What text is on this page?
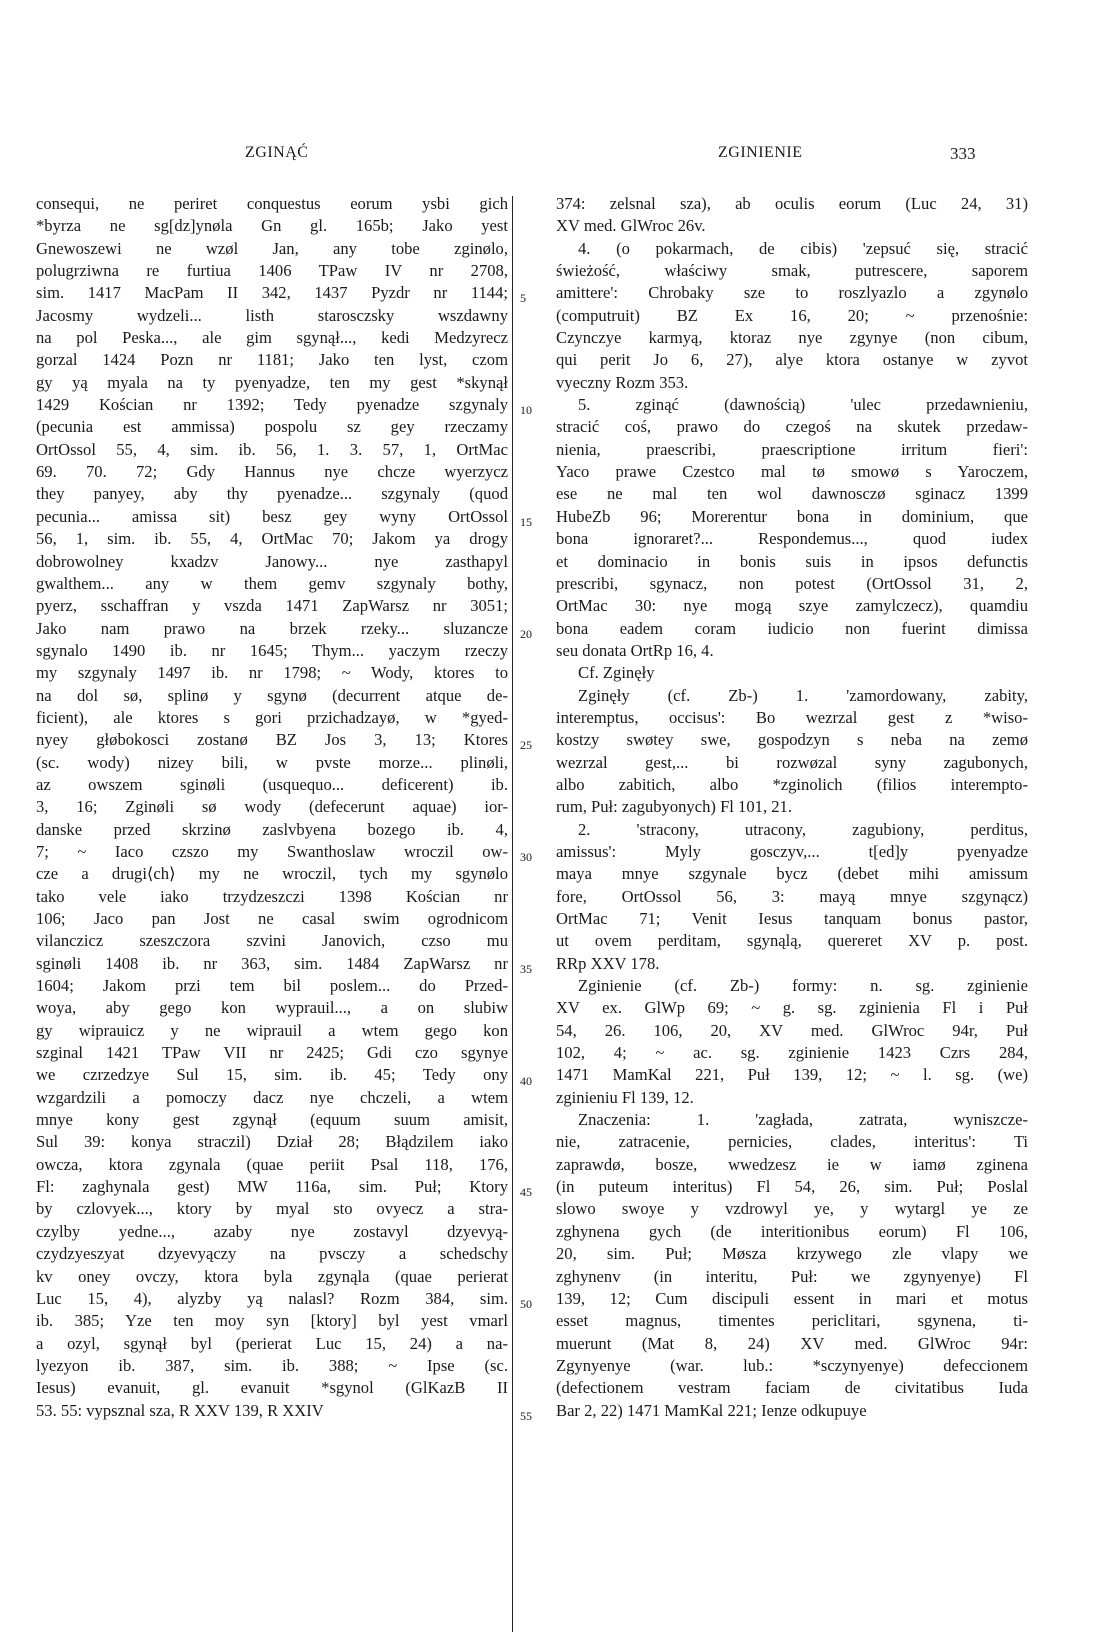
ZGINĄĆ	ZGINIENIE	333
consequi, ne periret conquestus eorum ysbi gich
*byrza ne sg[dz]ynøla Gn gl. 165b; Jako yest
Gnewoszewi ne wzøl Jan, any tobe zginølo,
polugrziwna re furtiua 1406 TPaw IV nr 2708,
sim. 1417 MacPam II 342, 1437 Pyzdr nr 1144;
Jacosmy wydzeli... listh starosczsky wszdawny
na pol Peska..., ale gim sgynął..., kedi Medzyrecz
gorzal 1424 Pozn nr 1181; Jako ten lyst, czom
gy yą myala na ty pyenyadze, ten my gest *skynął
1429 Kościan nr 1392; Tedy pyenadze szgynaly
(pecunia est ammissa) pospolu sz gey rzeczamy
OrtOssol 55, 4, sim. ib. 56, 1. 3. 57, 1, OrtMac
69. 70. 72; Gdy Hannus nye chcze wyerzycz
they panyey, aby thy pyenadze... szgynaly (quod
pecunia... amissa sit) besz gey wyny OrtOssol
56, 1, sim. ib. 55, 4, OrtMac 70; Jakom ya drogy
dobrowolney kxadzv Janowy... nye zasthapyl
gwalthem... any w them gemv szgynaly bothy,
pyerz, sschaffran y vszda 1471 ZapWarsz nr 3051;
Jako nam prawo na brzek rzeky... sluzancze
sgynalo 1490 ib. nr 1645; Thym... yaczym rzeczy
my szgynaly 1497 ib. nr 1798; ~ Wody, ktores to
na dol sø, splinø y sgynø (decurrent atque de-
ficient), ale ktores s gori przichadzayø, w *gyed-
nyey głøbokosci zostanø BZ Jos 3, 13; Ktores
(sc. wody) nizey bili, w pvste morze... plinøli,
az owszem sginøli (usquequo... deficerent) ib.
3, 16; Zginøli sø wody (defecerunt aquae) ior-
danske przed skrzinø zaslvbyena bozego ib. 4,
7; ~ Iaco czszo my Swanthoslaw wroczil ow-
cze a drugi⟨ch⟩ my ne wroczil, tych my sgynølo
tako vele iako trzydzeszczi 1398 Kościan nr
106; Jaco pan Jost ne casal swim ogrodnicom
vilanczicz szeszczora szvini Janovich, czso mu
sginøli 1408 ib. nr 363, sim. 1484 ZapWarsz nr
1604; Jakom przi tem bil poslem... do Przed-
woya, aby gego kon wyprauil..., a on slubiw
gy wiprauicz y ne wiprauil a wtem gego kon
szginal 1421 TPaw VII nr 2425; Gdi czo sgynye
we czrzedzye Sul 15, sim. ib. 45; Tedy ony
wzgardzili a pomoczy dacz nye chczeli, a wtem
mnye kony gest zgynął (equum suum amisit,
Sul 39: konya straczil) Dział 28; Błądzilem iako
owcza, ktora zgynala (quae periit Psal 118, 176,
Fl: zaghynala gest) MW 116a, sim. Puł; Ktory
by czlovyek..., ktory by myal sto ovyecz a stra-
czylby yedne..., azaby nye zostavyl dzyevyą-
czydzyeszyat dzyevyączy na pvsczy a schedschy
kv oney ovczy, ktora byla zgynąla (quae perierat
Luc 15, 4), alyzby yą nalasl? Rozm 384, sim.
ib. 385; Yze ten moy syn [ktory] byl yest vmarl
a ozyl, sgynął byl (perierat Luc 15, 24) a na-
lyezyon ib. 387, sim. ib. 388; ~ Ipse (sc.
Iesus) evanuit, gl. evanuit *sgynol (GlKazB II
53. 55: vypsznal sza, R XXV 139, R XXIV
5
10
15
20
25
30
35
40
45
50
55
374: zelsnal sza), ab oculis eorum (Luc 24, 31)
XV med. GlWroc 26v.
4. (o pokarmach, de cibis) 'zepsuć się, stracić
świeżość, właściwy smak, putrescere, saporem
amittere': Chrobaky sze to roszlyazlo a zgynølo
(computruit) BZ Ex 16, 20; ~ przenośnie:
Czynczye karmyą, ktoraz nye zgynye (non cibum,
qui perit Jo 6, 27), alye ktora ostanye w zyvot
vyeczny Rozm 353.
5. zginąć (dawnością) 'ulec przedawnieniu,
stracić coś, prawo do czegoś na skutek przedaw-
nienia, praescribi, praescriptione irritum fieri':
Yaco prawe Czestco mal tø smowø s Yaroczem,
ese ne mal ten wol dawnosczø sginacz 1399
HubeZb 96; Morerentur bona in dominium, que
bona ignoraret?... Respondemus..., quod iudex
et dominacio in bonis suis in ipsos defunctis
prescribi, sgynacz, non potest (OrtOssol 31, 2,
OrtMac 30: nye mogą szye zamylczecz), quamdiu
bona eadem coram iudicio non fuerint dimissa
seu donata OrtRp 16, 4.
Cf. Zginęły
Zginęły (cf. Zb-) 1. 'zamordowany, zabity,
interemptus, occisus': Bo wezrzal gest z *wiso-
kostzy swøtey swe, gospodzyn s neba na zemø
wezrzal gest,... bi rozwøzal syny zagubonych,
albo zabitich, albo *zginolich (filios interempto-
rum, Puł: zagubyonych) Fl 101, 21.
2. 'stracony, utracony, zagubiony, perditus,
amissus': Myly gosczyv,... t[ed]y pyenyadze
maya mnye szgynale bycz (debet mihi amissum
fore, OrtOssol 56, 3: mayą mnye szgynącz)
OrtMac 71; Venit Iesus tanquam bonus pastor,
ut ovem perditam, sgynąlą, quereret XV p. post.
RRp XXV 178.
Zginienie (cf. Zb-) formy: n. sg. zginienie
XV ex. GlWp 69; ~ g. sg. zginienia Fl i Puł
54, 26. 106, 20, XV med. GlWroc 94r, Puł
102, 4; ~ ac. sg. zginienie 1423 Czrs 284,
1471 MamKal 221, Puł 139, 12; ~ l. sg. (we)
zginieniu Fl 139, 12.
Znaczenia: 1. 'zagłada, zatrata, wyniszcze-
nie, zatracenie, pernicies, clades, interitus': Ti
zaprawdø, bosze, wwedzesz ie w iamø zginena
(in puteum interitus) Fl 54, 26, sim. Puł; Poslal
slowo swoye y vzdrowyl ye, y wytargl ye ze
zghynena gych (de interitionibus eorum) Fl 106,
20, sim. Puł; Møsza krzywego zle vlapy we
zghynenv (in interitu, Puł: we zgynyenye) Fl
139, 12; Cum discipuli essent in mari et motus
esset magnus, timentes periclitari, sgynena, ti-
muerunt (Mat 8, 24) XV med. GlWroc 94r:
Zgynyenye (war. lub.: *sczynyenye) defeccionem
(defectionem vestram faciam de civitatibus Iuda
Bar 2, 22) 1471 MamKal 221; Ienze odkupuye
